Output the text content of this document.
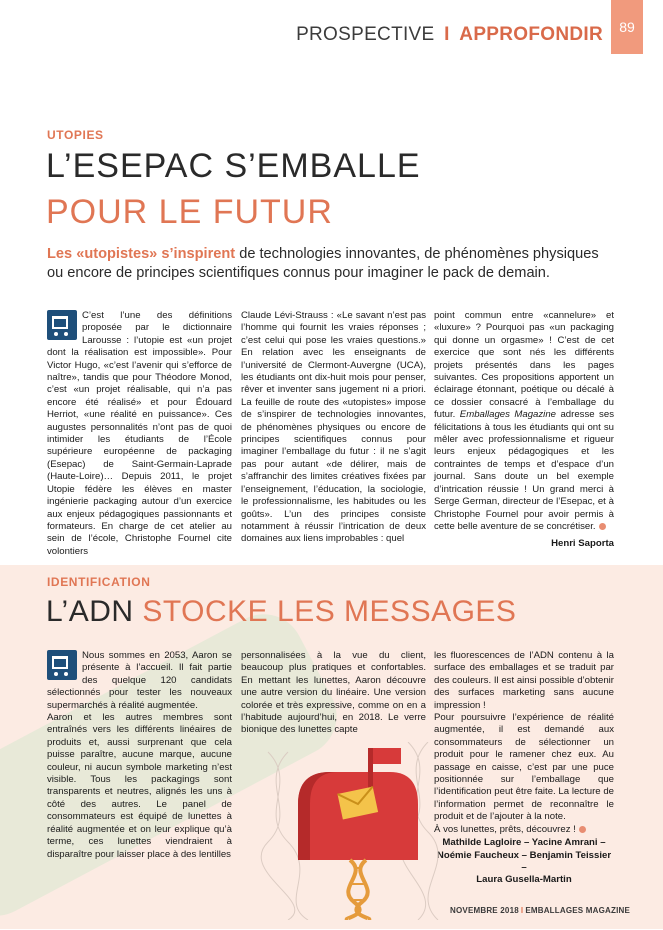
PROSPECTIVE I APPROFONDIR	89
UTOPIES
L’ESEPAC S’EMBALLE
POUR LE FUTUR
Les «utopistes» s’inspirent de technologies innovantes, de phénomènes physiques ou encore de principes scientifiques connus pour imaginer le pack de demain.

C’est l’une des définitions proposée par le dictionnaire Larousse : l’utopie est «un projet dont la réalisation est impossible». Pour Victor Hugo, «c’est l’avenir qui s’efforce de naître», tandis que pour Théodore Monod, c’est «un projet réalisable, qui n’a pas encore été réalisé» et pour Édouard Herriot, «une réalité en puissance». Ces augustes personnalités n’ont pas de quoi intimider les étudiants de l’École supérieure européenne de packaging (Esepac) de Saint-Germain-Laprade (Haute-Loire)… Depuis 2011, le projet Utopie fédère les élèves en master ingénierie packaging autour d’un exercice aux enjeux pédagogiques passionnants et formateurs. En charge de cet atelier au sein de l’école, Christophe Fournel cite volontiers

Claude Lévi-Strauss : «Le savant n’est pas l’homme qui fournit les vraies réponses ; c’est celui qui pose les vraies questions.» En relation avec les enseignants de l’université de Clermont-Auvergne (UCA), les étudiants ont dix-huit mois pour penser, rêver et inventer sans jugement ni a priori. La feuille de route des «utopistes» impose de s’inspirer de technologies innovantes, de phénomènes physiques ou encore de principes scientifiques connus pour imaginer l’emballage du futur : il ne s’agit pas pour autant «de délirer, mais de s’affranchir des limites créatives fixées par l’enseignement, l’éducation, la sociologie, le professionnalisme, les habitudes ou les goûts». L’un des principes consiste notamment à réussir l’intrication de deux domaines aux liens improbables : quel

point commun entre «cannelure» et «luxure» ? Pourquoi pas «un packaging qui donne un orgasme» ! C’est de cet exercice que sont nés les différents projets présentés dans les pages suivantes. Ces propositions apportent un éclairage étonnant, poétique ou décalé à ce dossier consacré à l’emballage du futur. Emballages Magazine adresse ses félicitations à tous les étudiants qui ont su mêler avec professionnalisme et rigueur leurs enjeux pédagogiques et les contraintes de temps et d’espace d’un journal. Sans doute un bel exemple d’intrication réussie ! Un grand merci à Serge German, directeur de l’Esepac, et à Christophe Fournel pour avoir permis à cette belle aventure de se concrétiser.

Henri Saporta
IDENTIFICATION
L’ADN STOCKE LES MESSAGES

Nous sommes en 2053, Aaron se présente à l’accueil. Il fait partie des quelque 120 candidats sélectionnés pour tester les nouveaux supermarchés à réalité augmentée.

Aaron et les autres membres sont entraînés vers les différents linéaires de produits et, aussi surprenant que cela puisse paraître, aucune marque, aucune couleur, ni aucun symbole marketing n’est visible. Tous les packagings sont transparents et neutres, alignés les uns à côté des autres. Le panel de consommateurs est équipé de lunettes à réalité augmentée et on leur explique qu’à terme, ces lunettes viendraient à disparaître pour laisser place à des lentilles

personnalisées à la vue du client, beaucoup plus pratiques et confortables. En mettant les lunettes, Aaron découvre une autre version du linéaire. Une version colorée et très expressive, comme on en a l’habitude aujourd’hui, en 2018. Le verre bionique des lunettes capte

les fluorescences de l’ADN contenu à la surface des emballages et se traduit par des couleurs. Il est ainsi possible d’obtenir des surfaces marketing sans aucune impression !

Pour poursuivre l’expérience de réalité augmentée, il est demandé aux consommateurs de sélectionner un produit pour le ramener chez eux. Au passage en caisse, c’est par une puce positionnée sur l’emballage que l’identification peut être faite. La lecture de l’information permet de reconnaître le produit et de l’ajouter à la note.

À vos lunettes, prêts, découvrez !

Mathilde Lagloire – Yacine Amrani –
Noémie Faucheux – Benjamin Teissier –
Laura Gusella-Martin
NOVEMBRE 2018 I EMBALLAGES MAGAZINE
